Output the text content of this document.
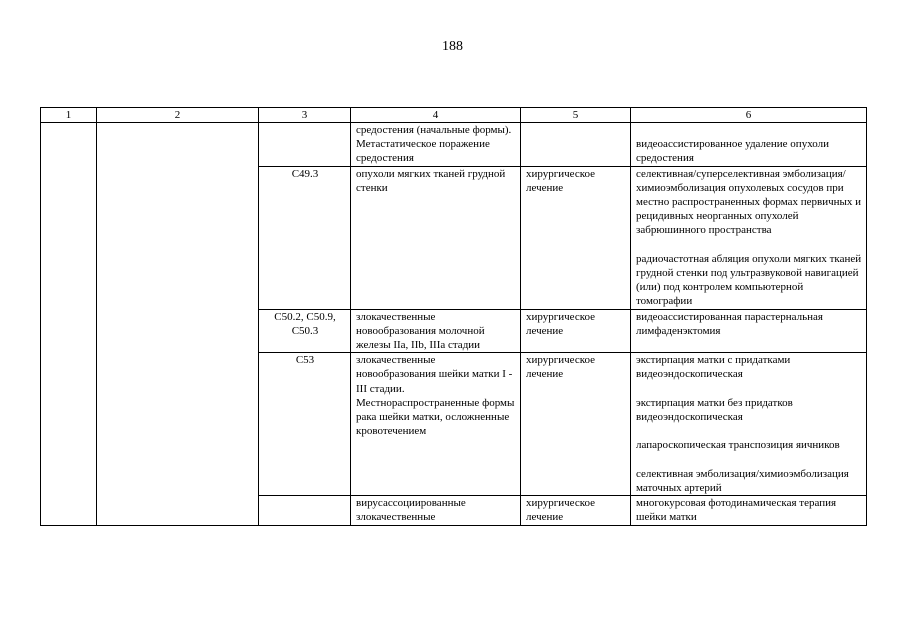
188
1	2	3	4	5	6
			средостения (начальные формы). Метастатическое поражение средостения		видеоассистированное удаление опухоли средостения
		C49.3	опухоли мягких тканей грудной стенки	хирургическое лечение	селективная/суперселективная эмболизация/химиоэмболизация опухолевых сосудов при местно распространенных формах первичных и рецидивных неорганных опухолей забрюшинного пространства
радиочастотная абляция опухоли мягких тканей грудной стенки под ультразвуковой навигацией (или) под контролем компьютерной томографии

		C50.2, C50.9, C50.3	злокачественные новообразования молочной железы IIa, IIb, IIIa стадии	хирургическое лечение	видеоассистированная парастернальная лимфаденэктомия
		C53	злокачественные новообразования шейки матки I - III стадии. Местнораспространенные формы рака шейки матки, осложненные кровотечением	хирургическое лечение	экстирпация матки с придатками видеоэндоскопическая
экстирпация матки без придатков видеоэндоскопическая
лапароскопическая транспозиция яичников
селективная эмболизация/химиоэмболизация маточных артерий

			вирусассоциированные злокачественные	хирургическое лечение	многокурсовая фотодинамическая терапия шейки матки
